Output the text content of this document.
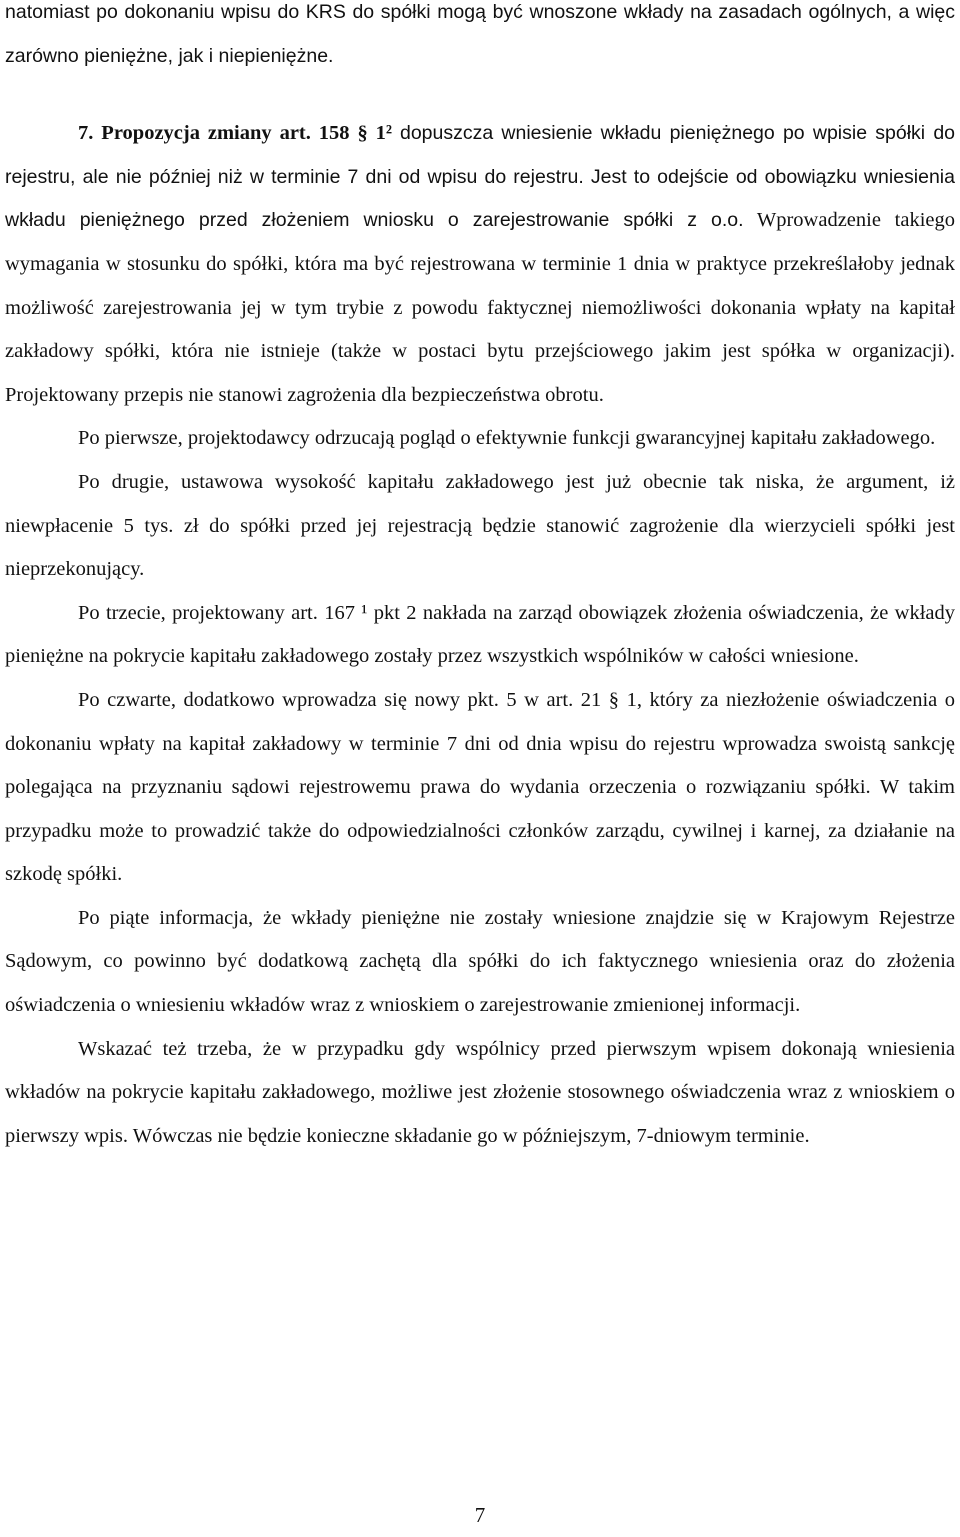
natomiast po dokonaniu wpisu do KRS do spółki mogą być wnoszone wkłady na zasadach ogólnych, a więc zarówno pieniężne, jak i niepieniężne.

7. Propozycja zmiany art. 158 § 1² dopuszcza wniesienie wkładu pieniężnego po wpisie spółki do rejestru, ale nie później niż w terminie 7 dni od wpisu do rejestru. Jest to odejście od obowiązku wniesienia wkładu pieniężnego przed złożeniem wniosku o zarejestrowanie spółki z o.o. Wprowadzenie takiego wymagania w stosunku do spółki, która ma być rejestrowana w terminie 1 dnia w praktyce przekreślałoby jednak możliwość zarejestrowania jej w tym trybie z powodu faktycznej niemożliwości dokonania wpłaty na kapitał zakładowy spółki, która nie istnieje (także w postaci bytu przejściowego jakim jest spółka w organizacji). Projektowany przepis nie stanowi zagrożenia dla bezpieczeństwa obrotu.

Po pierwsze, projektodawcy odrzucają pogląd o efektywnie funkcji gwarancyjnej kapitału zakładowego.

Po drugie, ustawowa wysokość kapitału zakładowego jest już obecnie tak niska, że argument, iż niewpłacenie 5 tys. zł do spółki przed jej rejestracją będzie stanowić zagrożenie dla wierzycieli spółki jest nieprzekonujący.

Po trzecie, projektowany art. 167 ¹ pkt 2 nakłada na zarząd obowiązek złożenia oświadczenia, że wkłady pieniężne na pokrycie kapitału zakładowego zostały przez wszystkich wspólników w całości wniesione.

Po czwarte, dodatkowo wprowadza się nowy pkt. 5 w art. 21 § 1, który za niezłożenie oświadczenia o dokonaniu wpłaty na kapitał zakładowy w terminie 7 dni od dnia wpisu do rejestru wprowadza swoistą sankcję polegająca na przyznaniu sądowi rejestrowemu prawa do wydania orzeczenia o rozwiązaniu spółki. W takim przypadku może to prowadzić także do odpowiedzialności członków zarządu, cywilnej i karnej, za działanie na szkodę spółki.

Po piąte informacja, że wkłady pieniężne nie zostały wniesione znajdzie się w Krajowym Rejestrze Sądowym, co powinno być dodatkową zachętą dla spółki do ich faktycznego wniesienia oraz do złożenia oświadczenia o wniesieniu wkładów wraz z wnioskiem o zarejestrowanie zmienionej informacji.

Wskazać też trzeba, że w przypadku gdy wspólnicy przed pierwszym wpisem dokonają wniesienia wkładów na pokrycie kapitału zakładowego, możliwe jest złożenie stosownego oświadczenia wraz z wnioskiem o pierwszy wpis. Wówczas nie będzie konieczne składanie go w późniejszym, 7-dniowym terminie.

7
